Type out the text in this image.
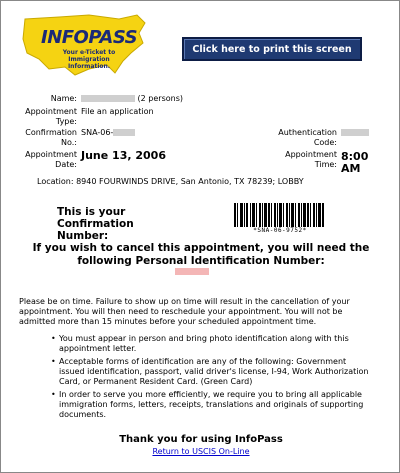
INFOPASS
Your e-Ticket to Immigration Information.
Click here to print this screen
Name:	(2 persons)
Appointment Type:
File an application
Confirmation No.:
SNA-06-	Authentication Code:
Appointment Date:
June 13, 2006	Appointment Time:
8:00 AM
Location: 8940 FOURWINDS DRIVE, San Antonio, TX 78239; LOBBY
This is your Confirmation Number:	*SNA-06-9752*
If you wish to cancel this appointment, you will need the following Personal Identification Number:
Please be on time. Failure to show up on time will result in the cancellation of your appointment. You will then need to reschedule your appointment. You will not be admitted more than 15 minutes before your scheduled appointment time.
• You must appear in person and bring photo identification along with this appointment letter.
• Acceptable forms of identification are any of the following: Government issued identification, passport, valid driver's license, I-94, Work Authorization Card, or Permanent Resident Card. (Green Card)
• In order to serve you more efficiently, we require you to bring all applicable immigration forms, letters, receipts, translations and originals of supporting documents.
Thank you for using InfoPass
Return to USCIS On-Line
